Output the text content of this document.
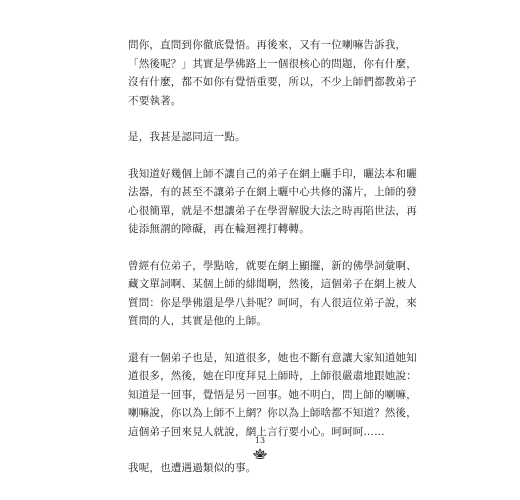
問你，直問到你徹底覺悟。再後來，又有一位喇嘛告訴我，
「然後呢？」其實是學佛路上一個很核心的問題，你有什麼，
沒有什麼，都不如你有覺悟重要，所以，不少上師們都教弟子
不要執著。

是，我甚是認同這一點。

我知道好幾個上師不讓自己的弟子在網上曬手印，曬法本和曬
法器，有的甚至不讓弟子在網上曬中心共修的滿片，上師的發
心很簡單，就是不想讓弟子在學習解脫大法之時再陷世法，再
徒添無謂的障礙，再在輪迴裡打轉轉。

曾經有位弟子，學點啥，就要在網上顯擺，新的佛學詞彙啊、
藏文單詞啊、某個上師的緋聞啊，然後，這個弟子在網上被人
質問：你是學佛還是學八卦呢？呵呵，有人很這位弟子說，來
質問的人，其實是他的上師。

還有一個弟子也是，知道很多，她也不斷有意讓大家知道她知
道很多，然後，她在印度拜見上師時，上師很嚴肅地跟她說：
知道是一回事，覺悟是另一回事。她不明白，問上師的喇嘛，
喇嘛說，你以為上師不上網？你以為上師啥都不知道？然後，
這個弟子回來見人就說，網上言行要小心。呵呵呵……

我呢，也遭遇過類似的事。

13
